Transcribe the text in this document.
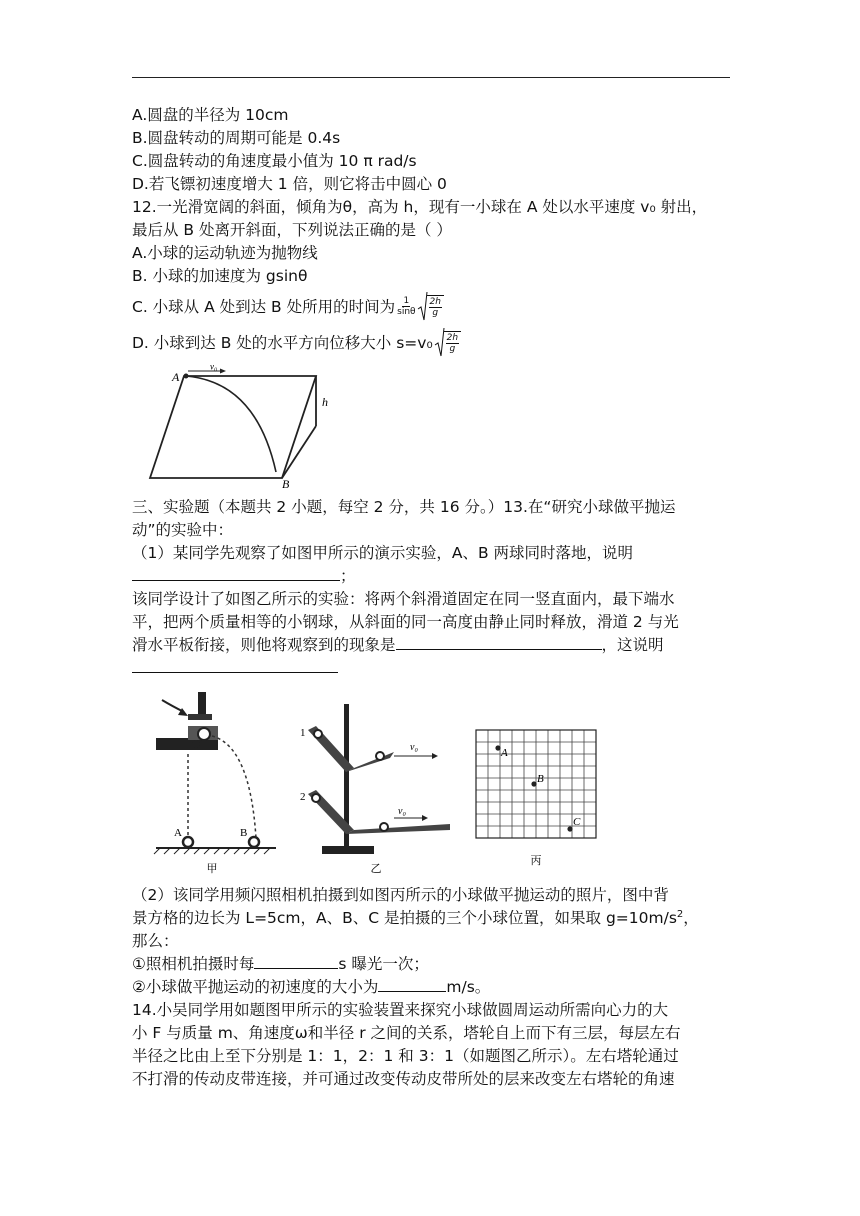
A.圆盘的半径为 10cm
B.圆盘转动的周期可能是 0.4s
C.圆盘转动的角速度最小值为 10 π rad/s
D.若飞镖初速度增大 1 倍，则它将击中圆心 0
12.一光滑宽阔的斜面，倾角为θ，高为 h，现有一小球在 A 处以水平速度 v₀ 射出，
最后从 B 处离开斜面，下列说法正确的是（ ）
A.小球的运动轨迹为抛物线
B. 小球的加速度为 gsinθ
C. 小球从 A 处到达 B 处所用的时间为 $\frac{1}{\sin\theta} \frac{2h}{g}$
D. 小球到达 B 处的水平方向位移大小 $s=v_0 \frac{2h}{g}$
A
v₀
h
B
三、实验题（本题共 2 小题，每空 2 分，共 16 分。）13.在“研究小球做平抛运
动”的实验中：
（1）某同学先观察了如图甲所示的演示实验，A、B 两球同时落地，说明
；
该同学设计了如图乙所示的实验：将两个斜滑道固定在同一竖直面内，最下端水
平，把两个质量相等的小钢球，从斜面的同一高度由静止同时释放，滑道 2 与光
滑水平板衔接，则他将观察到的现象是	，这说明
A	B
甲
v₀
1
v₀
2
乙
A
B
C
丙
（2）该同学用频闪照相机拍摄到如图丙所示的小球做平抛运动的照片，图中背
景方格的边长为 L=5cm，A、B、C 是拍摄的三个小球位置，如果取 $g=10m/s^2$，
那么：
①照相机拍摄时每	s 曝光一次；
②小球做平抛运动的初速度的大小为	m/s。
14.小吴同学用如题图甲所示的实验装置来探究小球做圆周运动所需向心力的大
小 F 与质量 m、角速度ω和半径 r 之间的关系，塔轮自上而下有三层，每层左右
半径之比由上至下分别是 1：1，2：1 和 3：1（如题图乙所示）。左右塔轮通过
不打滑的传动皮带连接，并可通过改变传动皮带所处的层来改变左右塔轮的角速
